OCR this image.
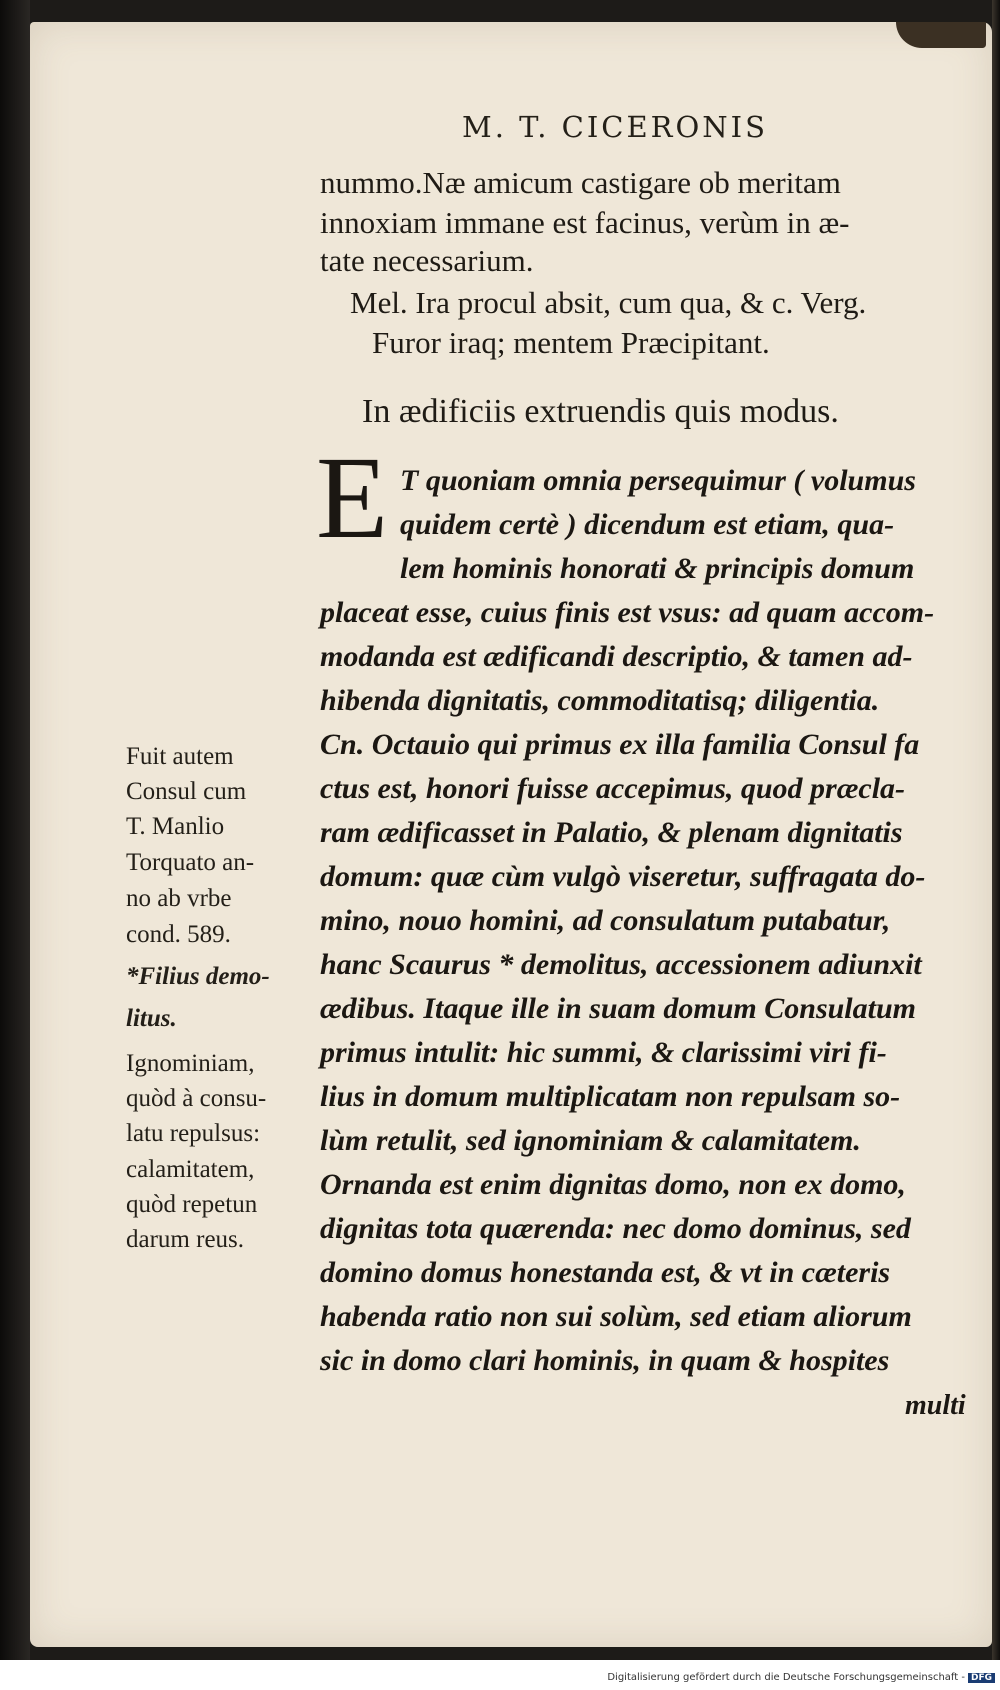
M. T. CICERONIS
nummo.Næ amicum castigare ob meritam
innoxiam immane est facinus, verùm in æ-
tate necessarium.
Mel. Ira procul absit, cum qua, & c. Verg.
Furor iraq; mentem Præcipitant.
In ædificiis extruendis quis modus.
E T quoniam omnia persequimur ( volumus
quidem certè ) dicendum est etiam, qua-
lem hominis honorati & principis domum
placeat esse, cuius finis est vsus: ad quam accom-
modanda est ædificandi descriptio, & tamen ad-
hibenda dignitatis, commoditatisq; diligentia.
Cn. Octauio qui primus ex illa familia Consul fa
ctus est, honori fuisse accepimus, quod præcla-
ram ædificasset in Palatio, & plenam dignitatis
domum: quæ cùm vulgò viseretur, suffragata do-
mino, nouo homini, ad consulatum putabatur,
hanc Scaurus * demolitus, accessionem adiunxit
ædibus. Itaque ille in suam domum Consulatum
primus intulit: hic summi, & clarissimi viri fi-
lius in domum multiplicatam non repulsam so-
lùm retulit, sed ignominiam & calamitatem.
Ornanda est enim dignitas domo, non ex domo,
dignitas tota quærenda: nec domo dominus, sed
domino domus honestanda est, & vt in cæteris
habenda ratio non sui solùm, sed etiam aliorum
sic in domo clari hominis, in quam & hospites
multi
Fuit autem
Consul cum
T. Manlio
Torquato an-
no ab vrbe
cond. 589.
*Filius demo-
litus.
Ignominiam,
quòd à consu-
latu repulsus:
calamitatem,
quòd repetun
darum reus.
Digitalisierung gefördert durch die Deutsche Forschungsgemeinschaft - DFG
